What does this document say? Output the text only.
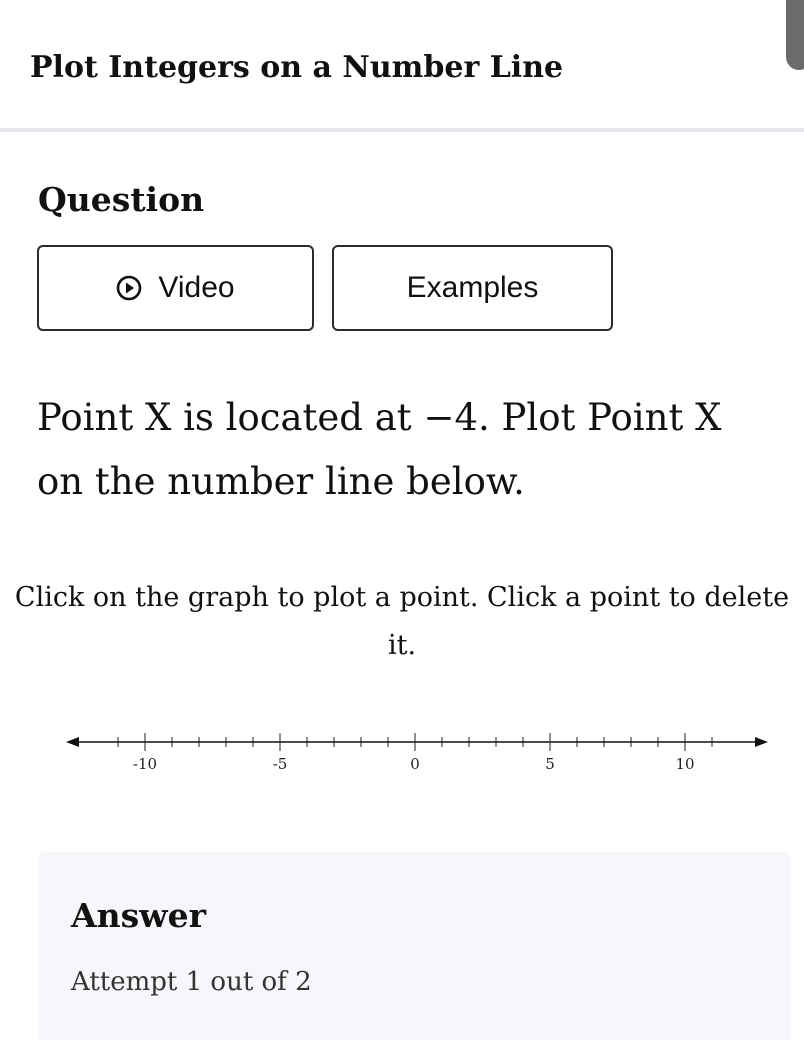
Plot Integers on a Number Line
Question
Video	Examples

Point X is located at −4. Plot Point X on the number line below.

Click on the graph to plot a point. Click a point to delete it.

-10	-5	0	5	10
Answer

Attempt 1 out of 2
